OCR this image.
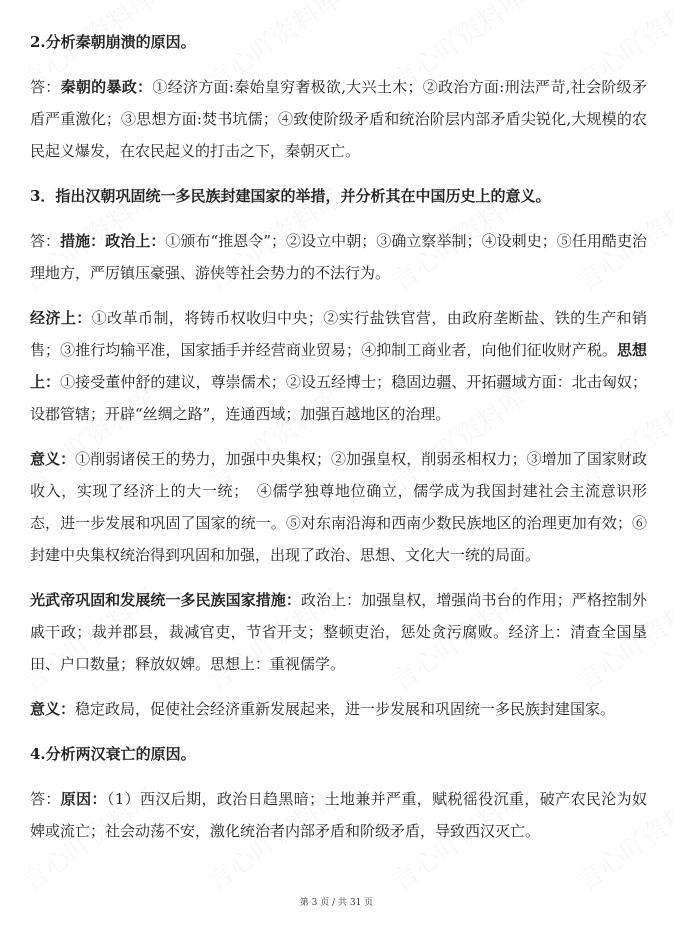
2.分析秦朝崩溃的原因。

答：秦朝的暴政：①经济方面:秦始皇穷奢极欲,大兴土木；②政治方面:刑法严苛,社会阶级矛盾严重激化；③思想方面:焚书坑儒；④致使阶级矛盾和统治阶层内部矛盾尖锐化,大规模的农民起义爆发，在农民起义的打击之下，秦朝灭亡。

3．指出汉朝巩固统一多民族封建国家的举措，并分析其在中国历史上的意义。

答：措施：政治上：①颁布“推恩令”；②设立中朝；③确立察举制；④设刺史；⑤任用酷吏治理地方，严厉镇压豪强、游侠等社会势力的不法行为。

经济上：①改革币制，将铸币权收归中央；②实行盐铁官营，由政府垄断盐、铁的生产和销售；③推行均输平准，国家插手并经营商业贸易；④抑制工商业者，向他们征收财产税。思想上：①接受董仲舒的建议，尊崇儒术；②设五经博士；稳固边疆、开拓疆域方面：北击匈奴；设郡管辖；开辟“丝绸之路”，连通西域；加强百越地区的治理。

意义：①削弱诸侯王的势力，加强中央集权；②加强皇权，削弱丞相权力；③增加了国家财政收入，实现了经济上的大一统；　④儒学独尊地位确立，儒学成为我国封建社会主流意识形态，进一步发展和巩固了国家的统一。⑤对东南沿海和西南少数民族地区的治理更加有效；⑥封建中央集权统治得到巩固和加强，出现了政治、思想、文化大一统的局面。

光武帝巩固和发展统一多民族国家措施：政治上：加强皇权，增强尚书台的作用；严格控制外戚干政；裁并郡县，裁减官吏，节省开支；整顿吏治，惩处贪污腐败。经济上：清查全国垦田、户口数量；释放奴婢。思想上：重视儒学。

意义：稳定政局，促使社会经济重新发展起来，进一步发展和巩固统一多民族封建国家。

4.分析两汉衰亡的原因。

答：原因：（1）西汉后期，政治日趋黑暗；土地兼并严重，赋税徭役沉重，破产农民沦为奴婢或流亡；社会动荡不安，激化统治者内部矛盾和阶级矛盾，导致西汉灭亡。

第 3 页 / 共 31 页
